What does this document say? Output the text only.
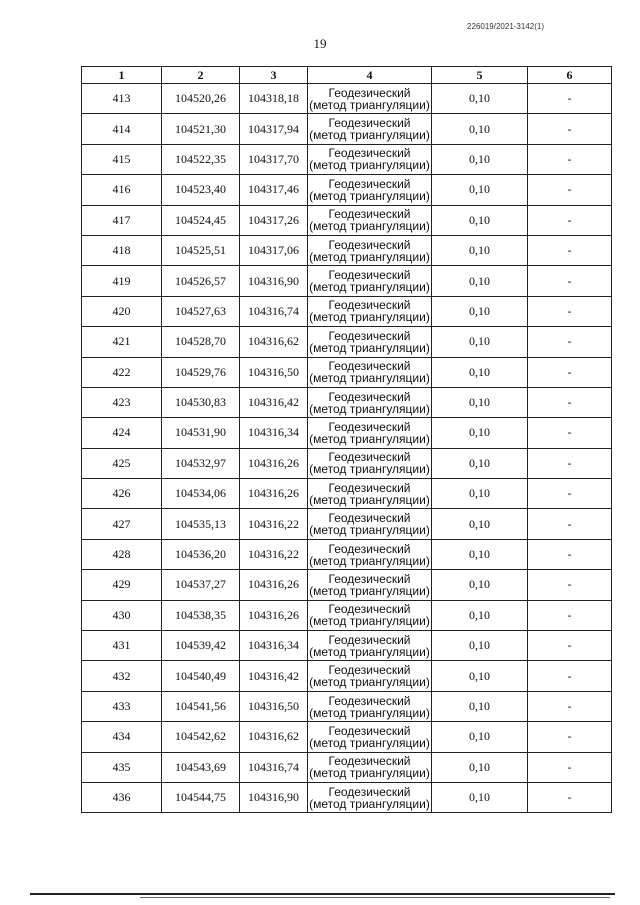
226019/2021-3142(1)
19
1	2	3	4	5	6
413	104520,26	104318,18	Геодезический
(метод триангуляции)	0,10	-
414	104521,30	104317,94	Геодезический
(метод триангуляции)	0,10	-
415	104522,35	104317,70	Геодезический
(метод триангуляции)	0,10	-
416	104523,40	104317,46	Геодезический
(метод триангуляции)	0,10	-
417	104524,45	104317,26	Геодезический
(метод триангуляции)	0,10	-
418	104525,51	104317,06	Геодезический
(метод триангуляции)	0,10	-
419	104526,57	104316,90	Геодезический
(метод триангуляции)	0,10	-
420	104527,63	104316,74	Геодезический
(метод триангуляции)	0,10	-
421	104528,70	104316,62	Геодезический
(метод триангуляции)	0,10	-
422	104529,76	104316,50	Геодезический
(метод триангуляции)	0,10	-
423	104530,83	104316,42	Геодезический
(метод триангуляции)	0,10	-
424	104531,90	104316,34	Геодезический
(метод триангуляции)	0,10	-
425	104532,97	104316,26	Геодезический
(метод триангуляции)	0,10	-
426	104534,06	104316,26	Геодезический
(метод триангуляции)	0,10	-
427	104535,13	104316,22	Геодезический
(метод триангуляции)	0,10	-
428	104536,20	104316,22	Геодезический
(метод триангуляции)	0,10	-
429	104537,27	104316,26	Геодезический
(метод триангуляции)	0,10	-
430	104538,35	104316,26	Геодезический
(метод триангуляции)	0,10	-
431	104539,42	104316,34	Геодезический
(метод триангуляции)	0,10	-
432	104540,49	104316,42	Геодезический
(метод триангуляции)	0,10	-
433	104541,56	104316,50	Геодезический
(метод триангуляции)	0,10	-
434	104542,62	104316,62	Геодезический
(метод триангуляции)	0,10	-
435	104543,69	104316,74	Геодезический
(метод триангуляции)	0,10	-
436	104544,75	104316,90	Геодезический
(метод триангуляции)	0,10	-
